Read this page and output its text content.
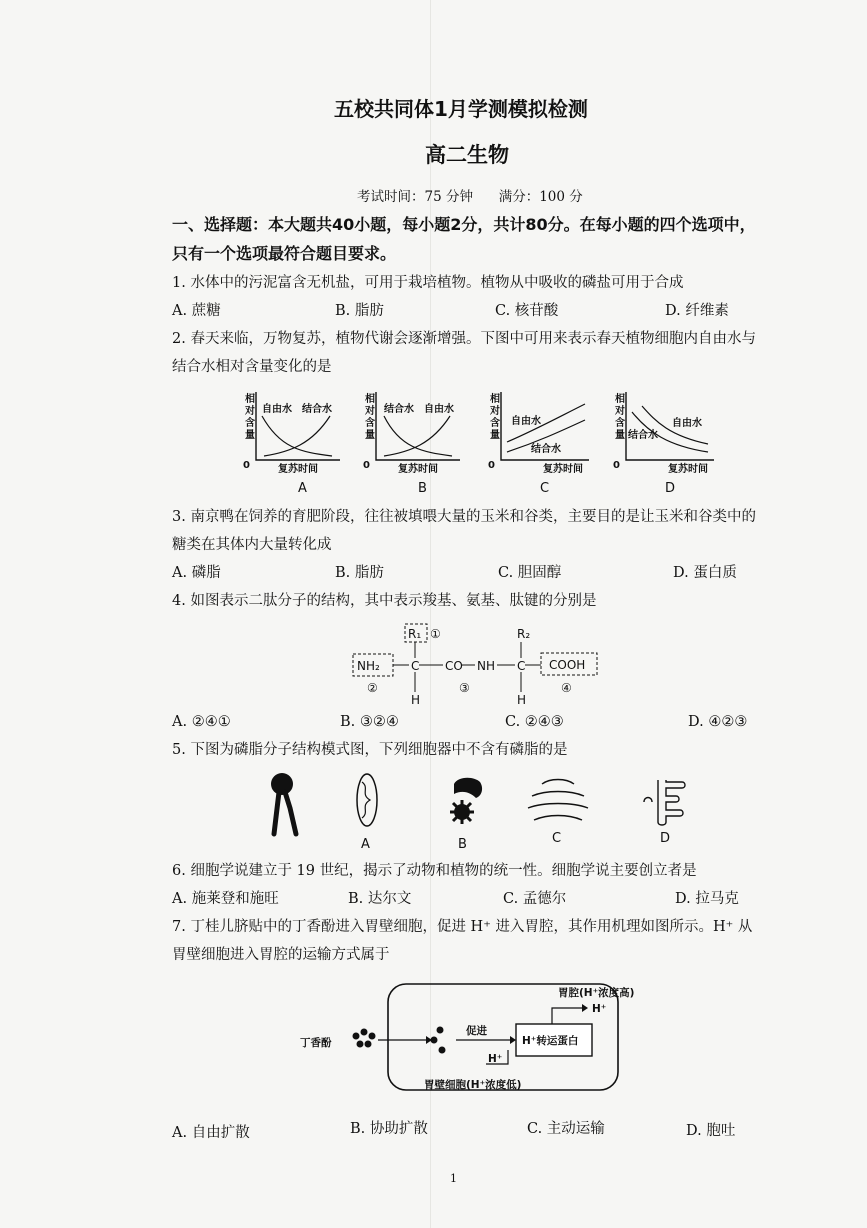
五校共同体1月学测模拟检测
高二生物
考试时间：75 分钟      满分：100 分
一、选择题：本大题共40小题，每小题2分，共计80分。在每小题的四个选项中，
只有一个选项最符合题目要求。
1. 水体中的污泥富含无机盐，可用于栽培植物。植物从中吸收的磷盐可用于合成
A. 蔗糖	B. 脂肪	C. 核苷酸	D. 纤维素
2. 春天来临，万物复苏，植物代谢会逐渐增强。下图中可用来表示春天植物细胞内自由水与
结合水相对含量变化的是
相
对
含
量
0	复苏时间
自由水 结合水
A
相
对
含
量
0	复苏时间
结合水 自由水
B
相
对
含
量
0	复苏时间
自由水
结合水
C
相
对
含
量
0	复苏时间
自由水
结合水
D
3. 南京鸭在饲养的育肥阶段，往往被填喂大量的玉米和谷类，主要目的是让玉米和谷类中的
糖类在其体内大量转化成
A. 磷脂	B. 脂肪	C. 胆固醇	D. 蛋白质
4. 如图表示二肽分子的结构，其中表示羧基、氨基、肽键的分别是
R₁ ①
NH₂	C CO NH C
R₂
COOH
H	H
②	③	④
A. ②④①	B. ③②④	C. ②④③	D. ④②③
5. 下图为磷脂分子结构模式图，下列细胞器中不含有磷脂的是
A	B	C	D
6. 细胞学说建立于 19 世纪，揭示了动物和植物的统一性。细胞学说主要创立者是
A. 施莱登和施旺	B. 达尔文	C. 孟德尔	D. 拉马克
7. 丁桂儿脐贴中的丁香酚进入胃壁细胞，促进 H⁺ 进入胃腔，其作用机理如图所示。H⁺ 从
胃壁细胞进入胃腔的运输方式属于
丁香酚
促进
H⁺
H⁺转运蛋白
胃腔(H⁺浓度高)
H⁺
胃壁细胞(H⁺浓度低)
A. 自由扩散	B. 协助扩散	C. 主动运输	D. 胞吐
1
